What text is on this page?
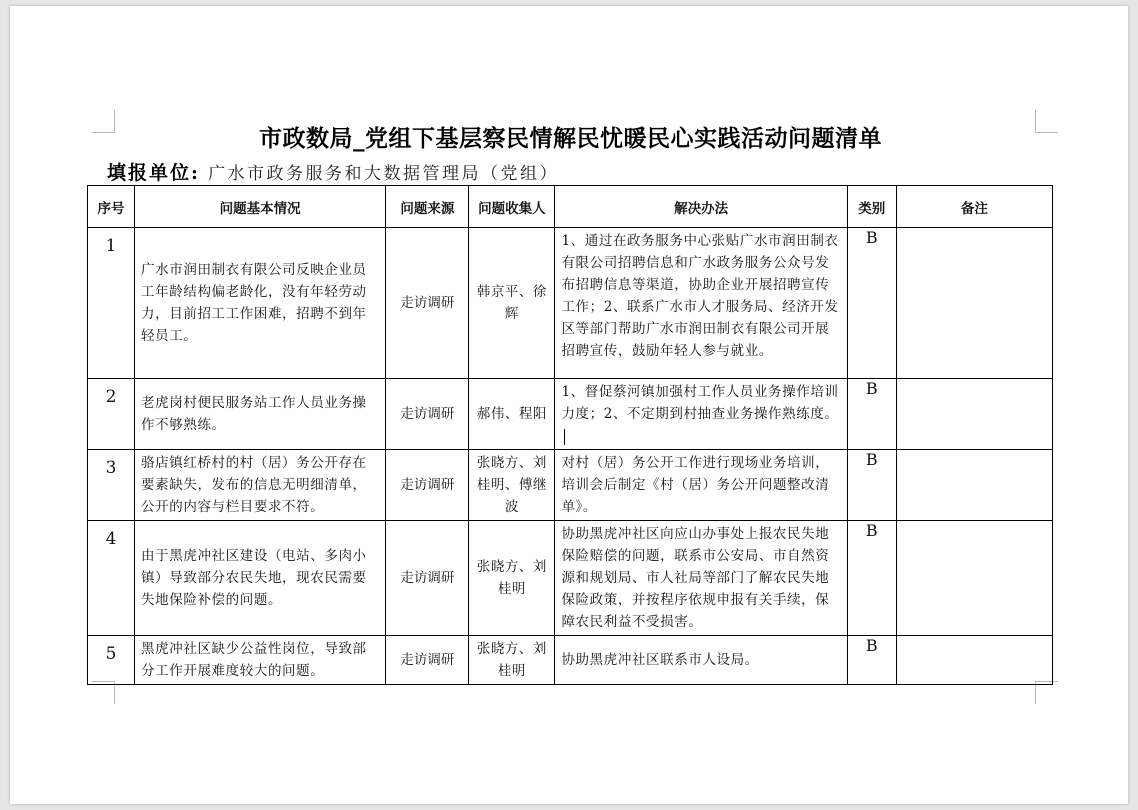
市政数局_党组下基层察民情解民忧暖民心实践活动问题清单
填报单位: 广水市政务服务和大数据管理局（党组）
序号	问题基本情况	问题来源	问题收集人	解决办法	类别	备注
1	广水市润田制衣有限公司反映企业员工年龄结构偏老龄化，没有年轻劳动力，目前招工工作困难，招聘不到年轻员工。	走访调研	韩京平、徐辉	1、通过在政务服务中心张贴广水市润田制衣有限公司招聘信息和广水政务服务公众号发布招聘信息等渠道，协助企业开展招聘宣传工作；2、联系广水市人才服务局、经济开发区等部门帮助广水市润田制衣有限公司开展招聘宣传，鼓励年轻人参与就业。	B	
2	老虎岗村便民服务站工作人员业务操作不够熟练。	走访调研	郝伟、程阳	1、督促蔡河镇加强村工作人员业务操作培训力度；2、不定期到村抽查业务操作熟练度。	B	
3	骆店镇红桥村的村（居）务公开存在要素缺失，发布的信息无明细清单，公开的内容与栏目要求不符。	走访调研	张晓方、刘桂明、傅继波	对村（居）务公开工作进行现场业务培训，培训会后制定《村（居）务公开问题整改清单》。	B	
4	由于黑虎冲社区建设（电站、多肉小镇）导致部分农民失地，现农民需要失地保险补偿的问题。	走访调研	张晓方、刘桂明	协助黑虎冲社区向应山办事处上报农民失地保险赔偿的问题，联系市公安局、市自然资源和规划局、市人社局等部门了解农民失地保险政策，并按程序依规申报有关手续，保障农民利益不受损害。	B	
5	黑虎冲社区缺少公益性岗位，导致部分工作开展难度较大的问题。	走访调研	张晓方、刘桂明	协助黑虎冲社区联系市人设局。	B	
